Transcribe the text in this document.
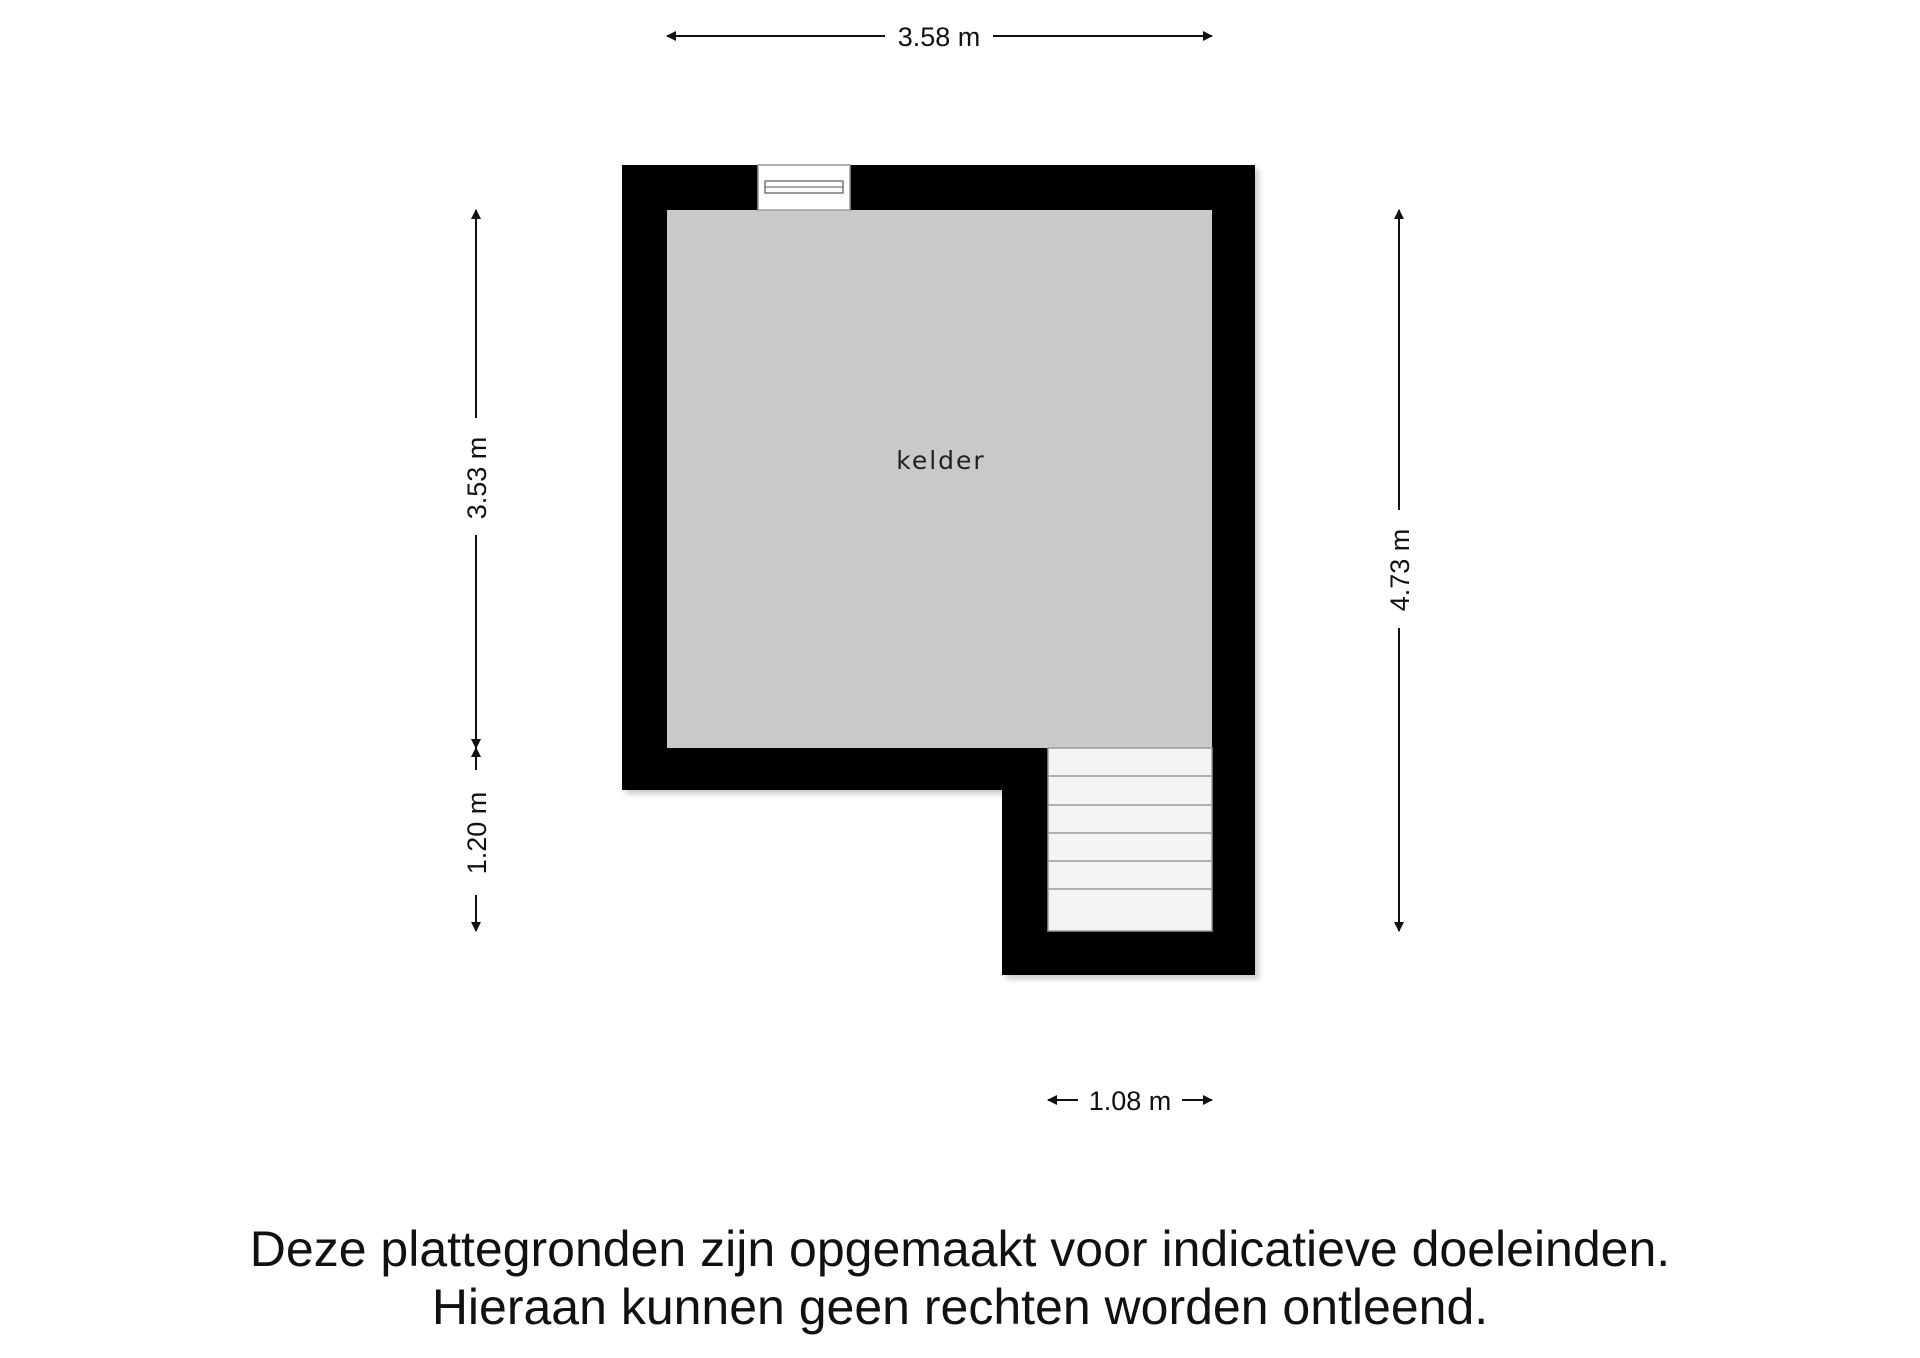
kelder
3.58 m
3.53 m
1.20 m
4.73 m
1.08 m
Deze plattegronden zijn opgemaakt voor indicatieve doeleinden.
Hieraan kunnen geen rechten worden ontleend.
